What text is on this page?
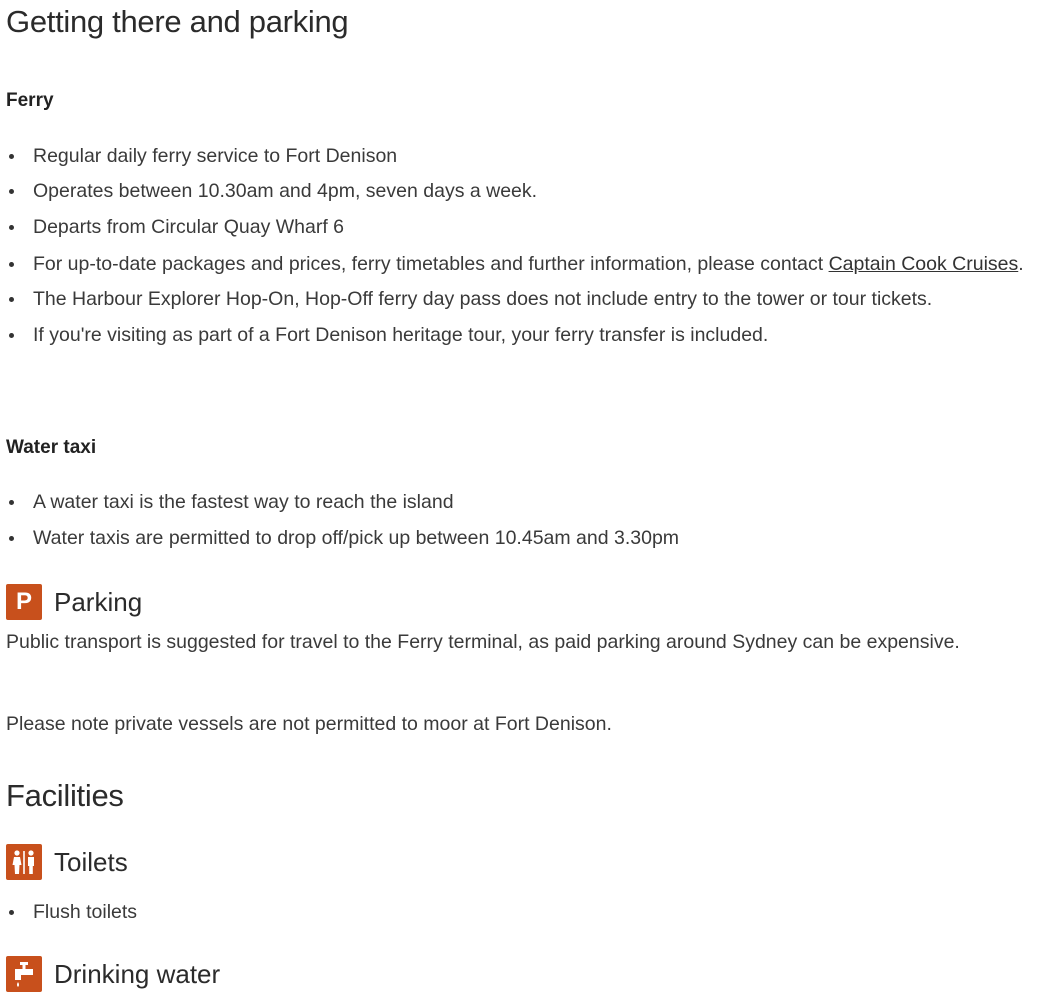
Getting there and parking
Ferry
Regular daily ferry service to Fort Denison
Operates between 10.30am and 4pm, seven days a week.
Departs from Circular Quay Wharf 6
For up-to-date packages and prices, ferry timetables and further information, please contact Captain Cook Cruises.
The Harbour Explorer Hop-On, Hop-Off ferry day pass does not include entry to the tower or tour tickets.
If you're visiting as part of a Fort Denison heritage tour, your ferry transfer is included.
Water taxi
A water taxi is the fastest way to reach the island
Water taxis are permitted to drop off/pick up between 10.45am and 3.30pm
P Parking

Public transport is suggested for travel to the Ferry terminal, as paid parking around Sydney can be expensive.

Please note private vessels are not permitted to moor at Fort Denison.

Facilities
Toilets
Flush toilets
Drinking water
